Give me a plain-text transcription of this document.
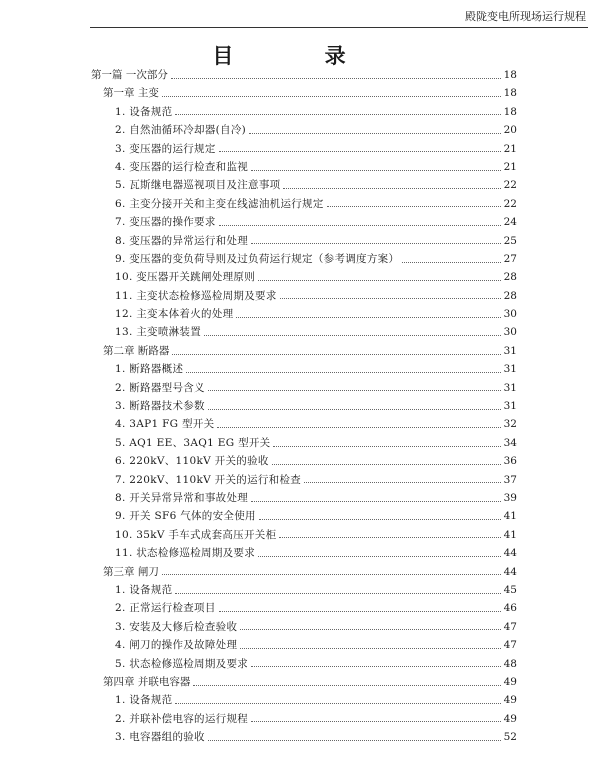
殿陇变电所现场运行规程
目 录
第一篇 一次部分	18
第一章 主变	18
1. 设备规范	18
2. 自然油循环冷却器(自冷)	20
3. 变压器的运行规定	21
4. 变压器的运行检查和监视	21
5. 瓦斯继电器巡视项目及注意事项	22
6. 主变分接开关和主变在线滤油机运行规定	22
7. 变压器的操作要求	24
8. 变压器的异常运行和处理	25
9. 变压器的变负荷导则及过负荷运行规定（参考调度方案）	27
10. 变压器开关跳闸处理原则	28
11. 主变状态检修巡检周期及要求	28
12. 主变本体着火的处理	30
13. 主变喷淋装置	30
第二章 断路器	31
1. 断路器概述	31
2. 断路器型号含义	31
3. 断路器技术参数	31
4. 3AP1 FG 型开关	32
5. AQ1 EE、3AQ1 EG 型开关	34
6. 220kV、110kV 开关的验收	36
7. 220kV、110kV 开关的运行和检查	37
8. 开关异常异常和事故处理	39
9. 开关 SF6 气体的安全使用	41
10. 35kV 手车式成套高压开关柜	41
11. 状态检修巡检周期及要求	44
第三章 闸刀	44
1. 设备规范	45
2. 正常运行检查项目	46
3. 安装及大修后检查验收	47
4. 闸刀的操作及故障处理	47
5. 状态检修巡检周期及要求	48
第四章 并联电容器	49
1. 设备规范	49
2. 并联补偿电容的运行规程	49
3. 电容器组的验收	52
